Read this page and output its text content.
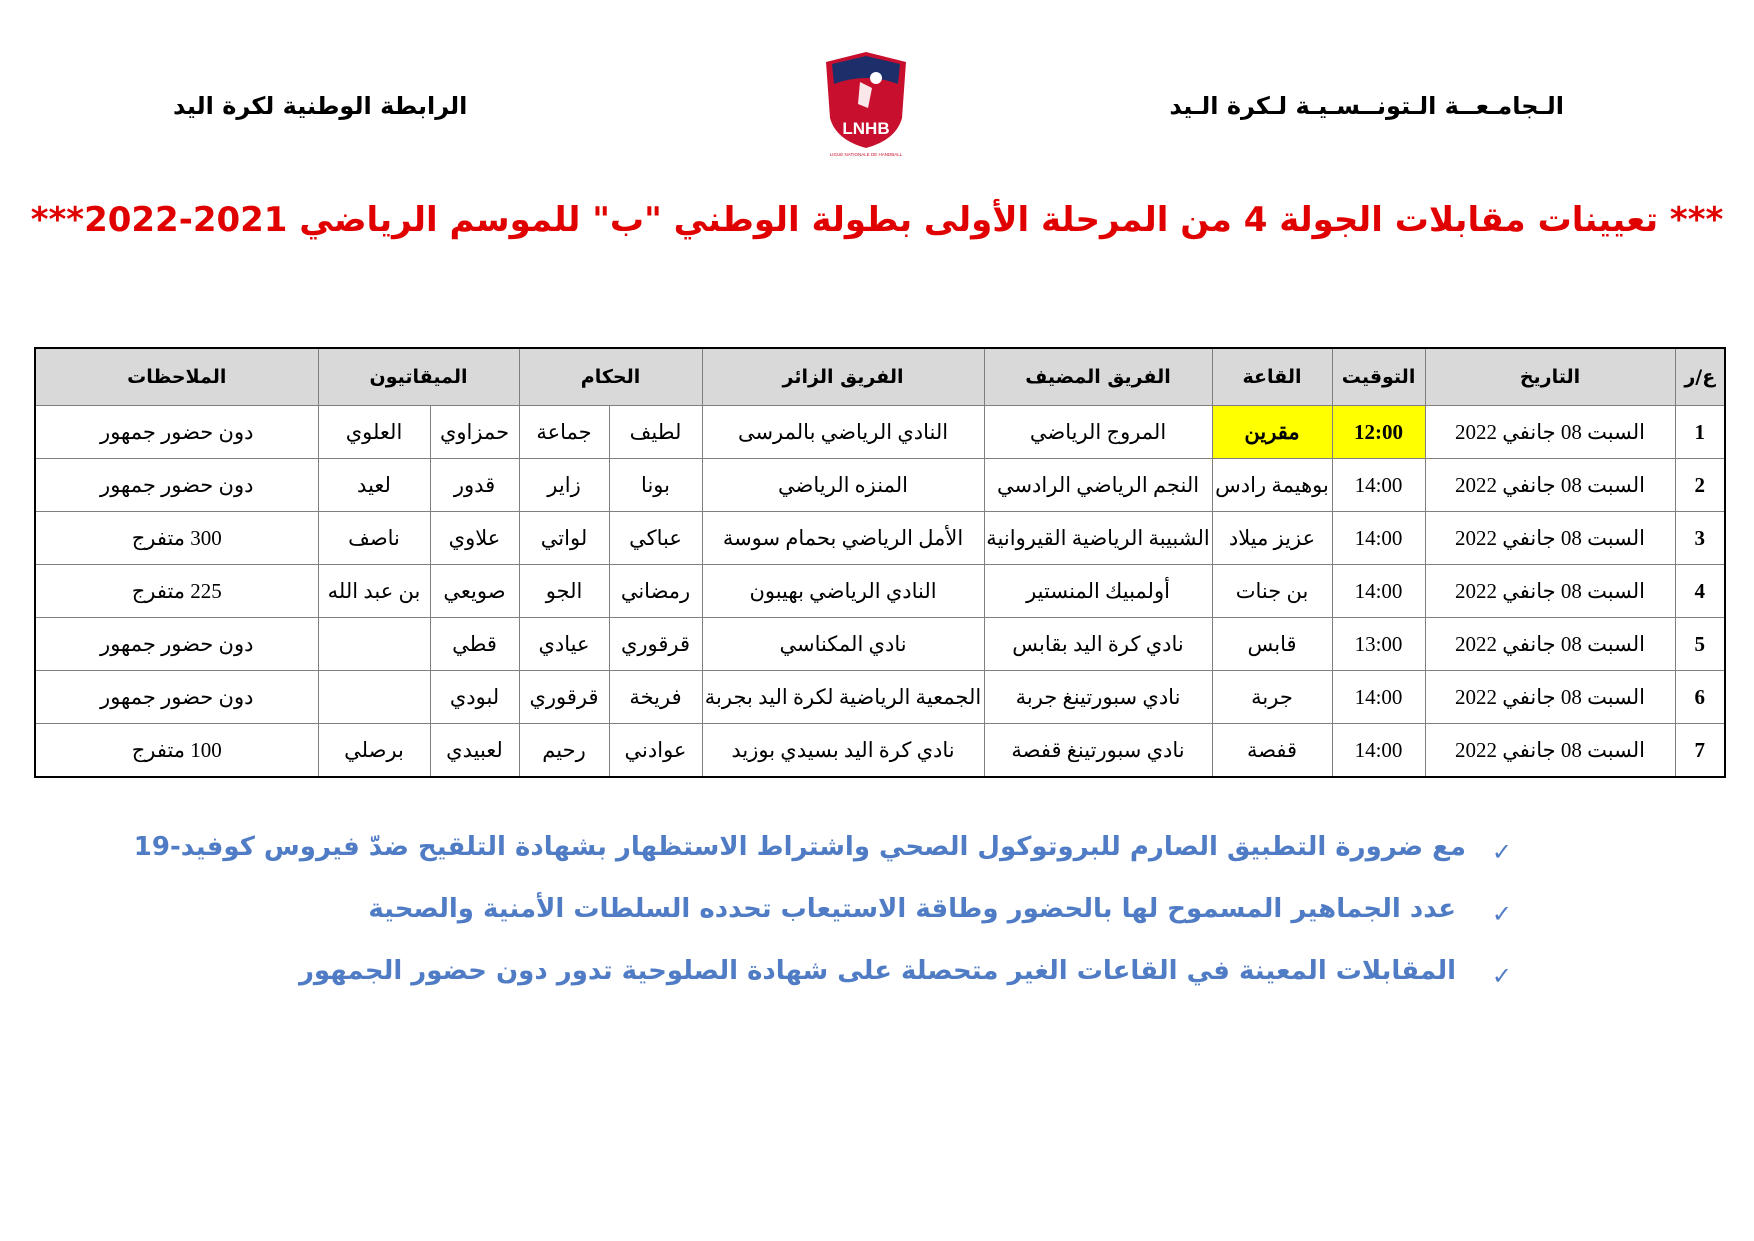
الـجامـعــة الـتونــسـيـة لـكرة الـيد
الرابطة الوطنية لكرة اليد
LNHB
LIGUE NATIONALE DE HANDBALL
*** تعيينات مقابلات الجولة 4 من المرحلة الأولى بطولة الوطني "ب" للموسم الرياضي 2021-2022***
ع/ر	التاريخ	التوقيت	القاعة	الفريق المضيف	الفريق الزائر	الحكام		الميقاتيون		الملاحظات
1	السبت 08 جانفي 2022	12:00	مقرين	المروج الرياضي	النادي الرياضي بالمرسى	لطيف	جماعة	حمزاوي	العلوي	دون حضور جمهور
2	السبت 08 جانفي 2022	14:00	بوهيمة رادس	النجم الرياضي الرادسي	المنزه الرياضي	بونا	زاير	قدور	لعيد	دون حضور جمهور
3	السبت 08 جانفي 2022	14:00	عزيز ميلاد	الشبيبة الرياضية القيروانية	الأمل الرياضي بحمام سوسة	عباكي	لواتي	علاوي	ناصف	300 متفرج
4	السبت 08 جانفي 2022	14:00	بن جنات	أولمبيك المنستير	النادي الرياضي بهيبون	رمضاني	الجو	صويعي	بن عبد الله	225 متفرج
5	السبت 08 جانفي 2022	13:00	قابس	نادي كرة اليد بقابس	نادي المكناسي	قرقوري	عيادي	قطي		دون حضور جمهور
6	السبت 08 جانفي 2022	14:00	جربة	نادي سبورتينغ جربة	الجمعية الرياضية لكرة اليد بجربة	فريخة	قرقوري	لبودي		دون حضور جمهور
7	السبت 08 جانفي 2022	14:00	قفصة	نادي سبورتينغ قفصة	نادي كرة اليد بسيدي بوزيد	عوادني	رحيم	لعبيدي	برصلي	100 متفرج
✓
مع ضرورة التطبيق الصارم للبروتوكول الصحي واشتراط الاستظهار بشهادة التلقيح ضدّ فيروس كوفيد-19
✓
عدد الجماهير المسموح لها بالحضور وطاقة الاستيعاب تحدده السلطات الأمنية والصحية
✓
المقابلات المعينة في القاعات الغير متحصلة على شهادة الصلوحية تدور دون حضور الجمهور
